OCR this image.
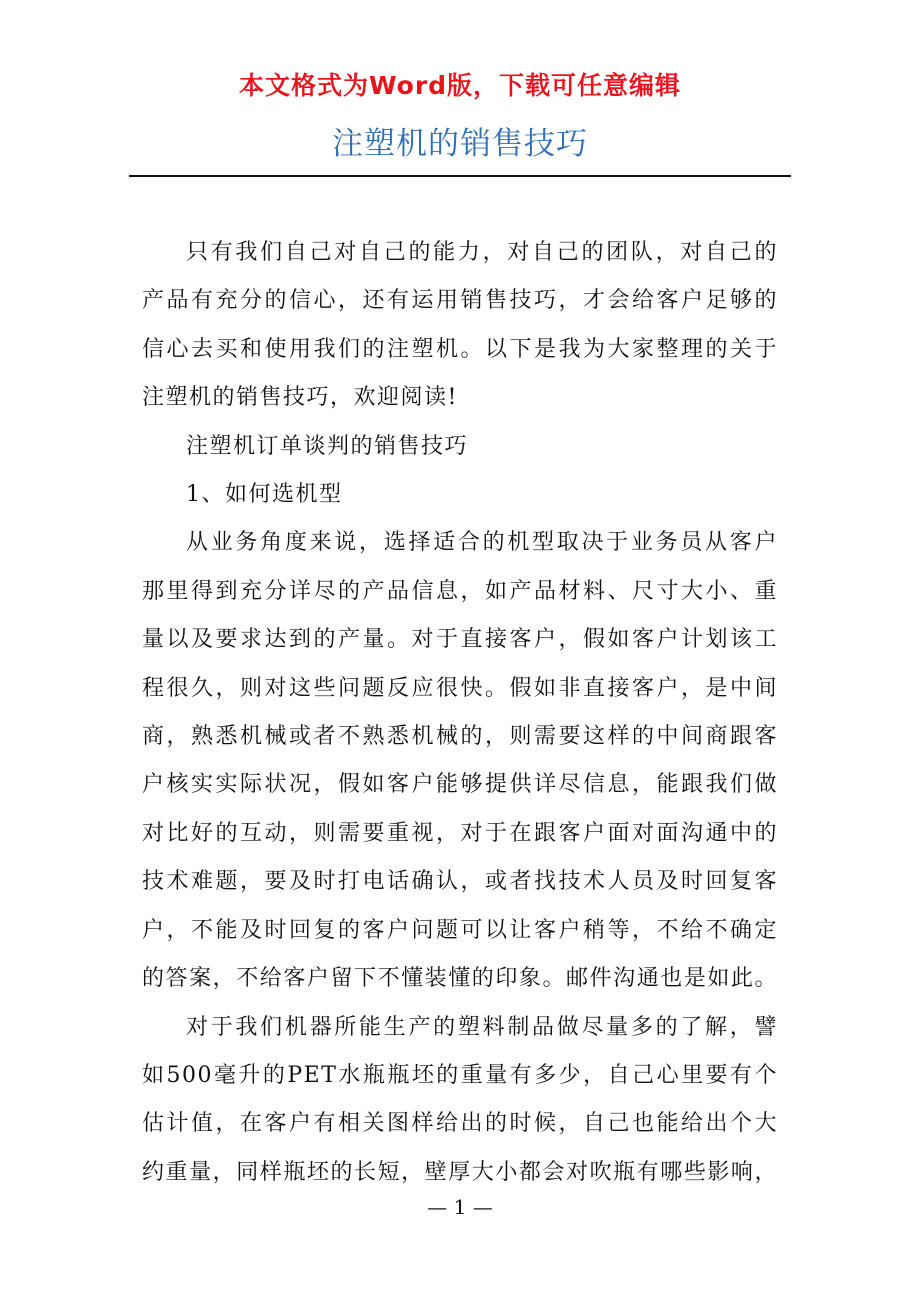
本文格式为Word版，下载可任意编辑
注塑机的销售技巧
只有我们自己对自己的能力，对自己的团队，对自己的
产品有充分的信心，还有运用销售技巧，才会给客户足够的
信心去买和使用我们的注塑机。以下是我为大家整理的关于
注塑机的销售技巧，欢迎阅读!
注塑机订单谈判的销售技巧
1、如何选机型
从业务角度来说，选择适合的机型取决于业务员从客户
那里得到充分详尽的产品信息，如产品材料、尺寸大小、重
量以及要求达到的产量。对于直接客户，假如客户计划该工
程很久，则对这些问题反应很快。假如非直接客户，是中间
商，熟悉机械或者不熟悉机械的，则需要这样的中间商跟客
户核实实际状况，假如客户能够提供详尽信息，能跟我们做
对比好的互动，则需要重视，对于在跟客户面对面沟通中的
技术难题，要及时打电话确认，或者找技术人员及时回复客
户，不能及时回复的客户问题可以让客户稍等，不给不确定
的答案，不给客户留下不懂装懂的印象。邮件沟通也是如此。
对于我们机器所能生产的塑料制品做尽量多的了解，譬
如500毫升的PET水瓶瓶坯的重量有多少，自己心里要有个
估计值，在客户有相关图样给出的时候，自己也能给出个大
约重量，同样瓶坯的长短，壁厚大小都会对吹瓶有哪些影响，
— 1 —
